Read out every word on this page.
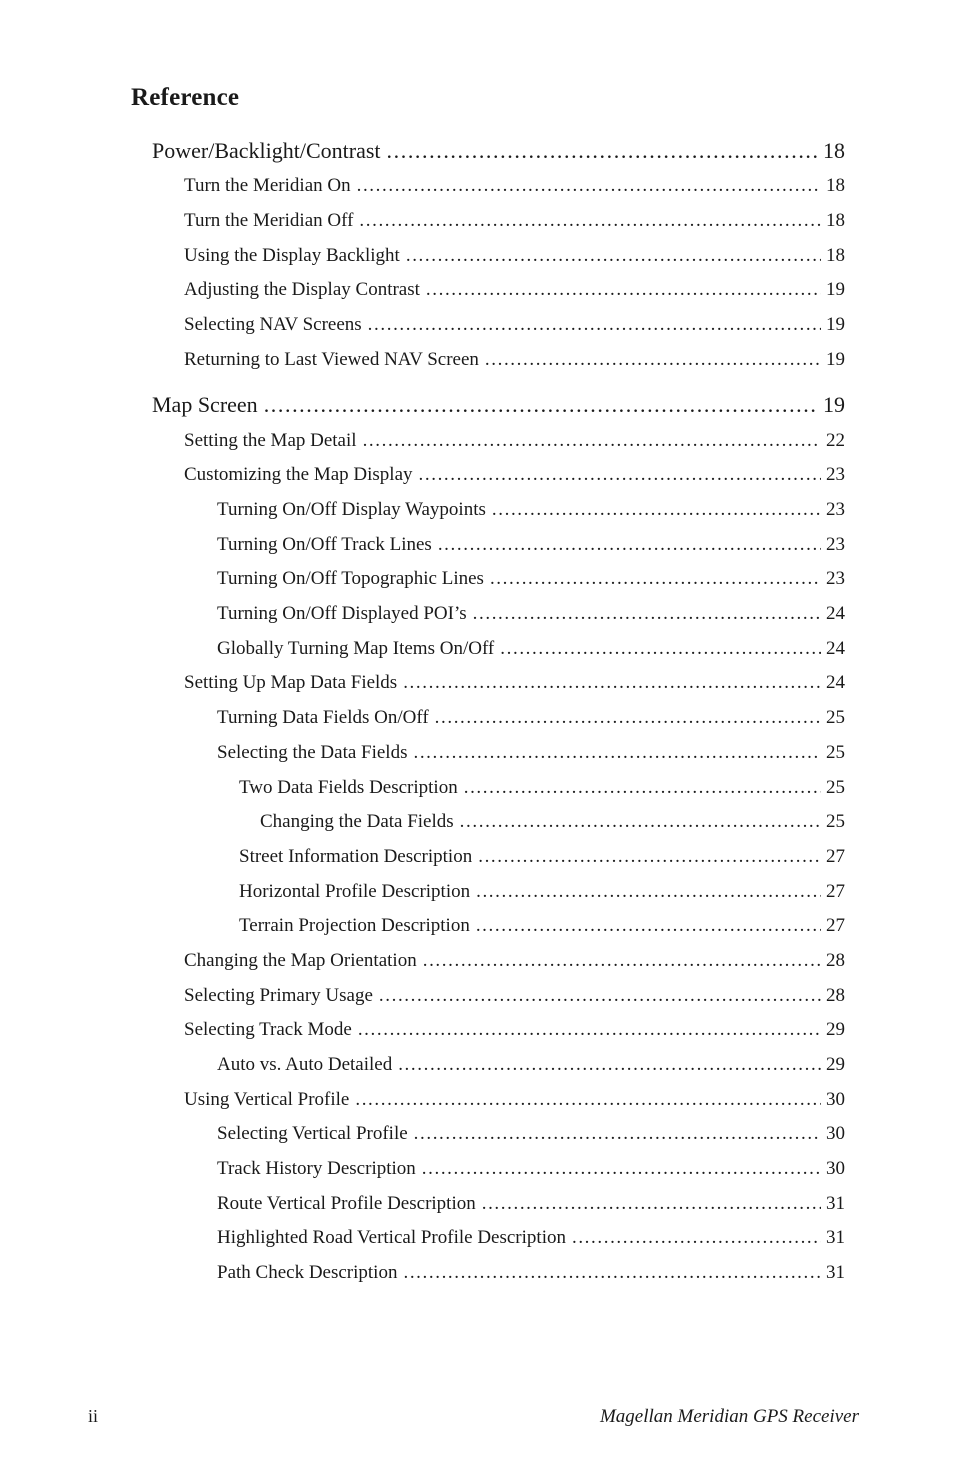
Reference
Power/Backlight/Contrast .....	18
Turn the Meridian On .....	18
Turn the Meridian Off .....	18
Using the Display Backlight .....	18
Adjusting the Display Contrast .....	19
Selecting NAV Screens .....	19
Returning to Last Viewed NAV Screen .....	19
Map Screen .....	19
Setting the Map Detail .....	22
Customizing the Map Display .....	23
Turning On/Off Display Waypoints .....	23
Turning On/Off Track Lines .....	23
Turning On/Off Topographic Lines .....	23
Turning On/Off Displayed POI’s .....	24
Globally Turning Map Items On/Off .....	24
Setting Up Map Data Fields .....	24
Turning Data Fields On/Off .....	25
Selecting the Data Fields .....	25
Two Data Fields Description .....	25
Changing the Data Fields .....	25
Street Information Description .....	27
Horizontal Profile Description .....	27
Terrain Projection Description .....	27
Changing the Map Orientation .....	28
Selecting Primary Usage .....	28
Selecting Track Mode .....	29
Auto vs. Auto Detailed .....	29
Using Vertical Profile .....	30
Selecting Vertical Profile .....	30
Track History Description .....	30
Route Vertical Profile Description .....	31
Highlighted Road Vertical Profile Description .....	31
Path Check Description .....	31
ii	Magellan Meridian GPS Receiver
